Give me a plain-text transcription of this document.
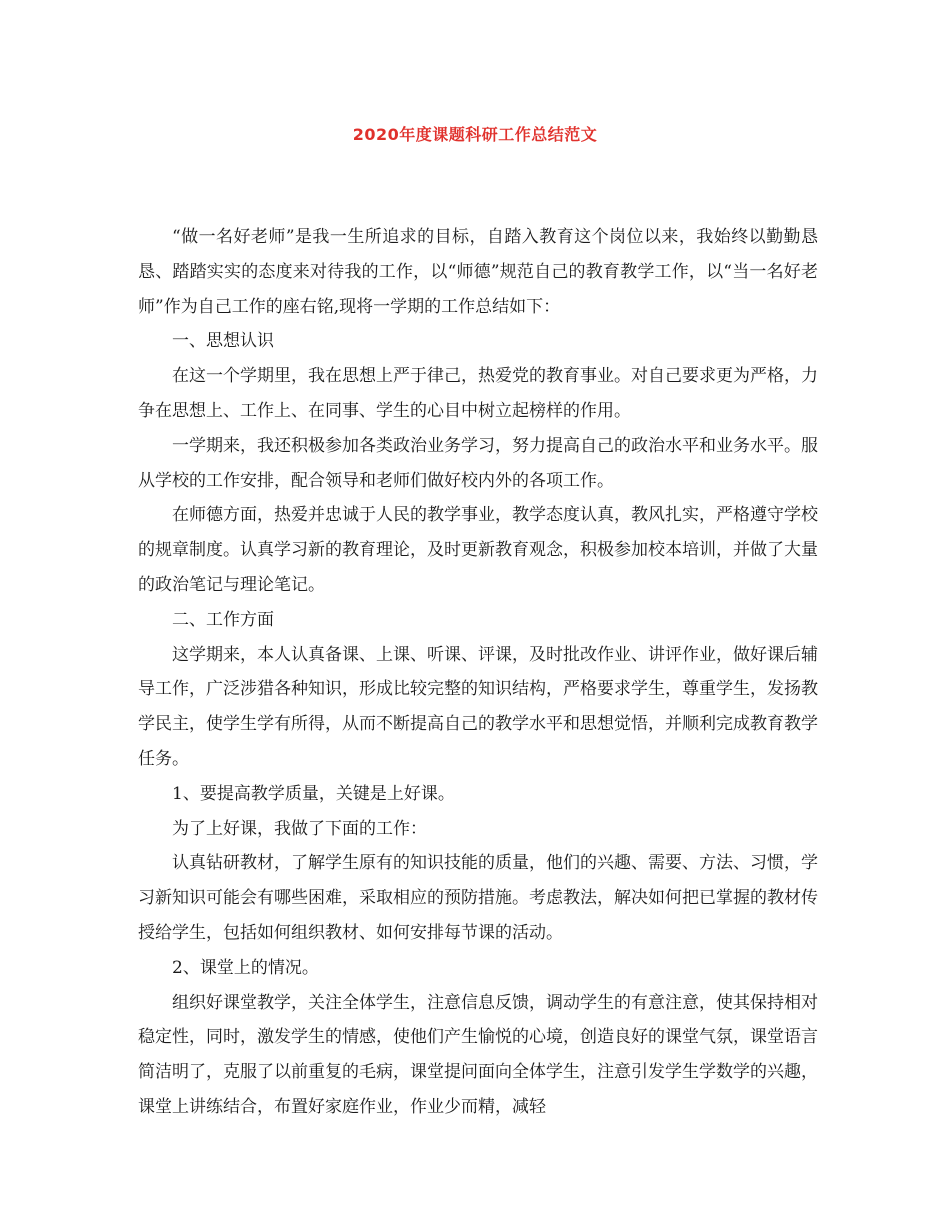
2020年度课题科研工作总结范文

“做一名好老师”是我一生所追求的目标，自踏入教育这个岗位以来，我始终以勤勤恳恳、踏踏实实的态度来对待我的工作，以“师德”规范自己的教育教学工作，以“当一名好老师”作为自己工作的座右铭,现将一学期的工作总结如下：

一、思想认识

在这一个学期里，我在思想上严于律己，热爱党的教育事业。对自己要求更为严格，力争在思想上、工作上、在同事、学生的心目中树立起榜样的作用。

一学期来，我还积极参加各类政治业务学习，努力提高自己的政治水平和业务水平。服从学校的工作安排，配合领导和老师们做好校内外的各项工作。

在师德方面，热爱并忠诚于人民的教学事业，教学态度认真，教风扎实，严格遵守学校的规章制度。认真学习新的教育理论，及时更新教育观念，积极参加校本培训，并做了大量的政治笔记与理论笔记。

二、工作方面

这学期来，本人认真备课、上课、听课、评课，及时批改作业、讲评作业，做好课后辅导工作，广泛涉猎各种知识，形成比较完整的知识结构，严格要求学生，尊重学生，发扬教学民主，使学生学有所得，从而不断提高自己的教学水平和思想觉悟，并顺利完成教育教学任务。

1、要提高教学质量，关键是上好课。

为了上好课，我做了下面的工作：

认真钻研教材，了解学生原有的知识技能的质量，他们的兴趣、需要、方法、习惯，学习新知识可能会有哪些困难，采取相应的预防措施。考虑教法，解决如何把已掌握的教材传授给学生，包括如何组织教材、如何安排每节课的活动。

2、课堂上的情况。

组织好课堂教学，关注全体学生，注意信息反馈，调动学生的有意注意，使其保持相对稳定性，同时，激发学生的情感，使他们产生愉悦的心境，创造良好的课堂气氛，课堂语言简洁明了，克服了以前重复的毛病，课堂提问面向全体学生，注意引发学生学数学的兴趣，课堂上讲练结合，布置好家庭作业，作业少而精，减轻
